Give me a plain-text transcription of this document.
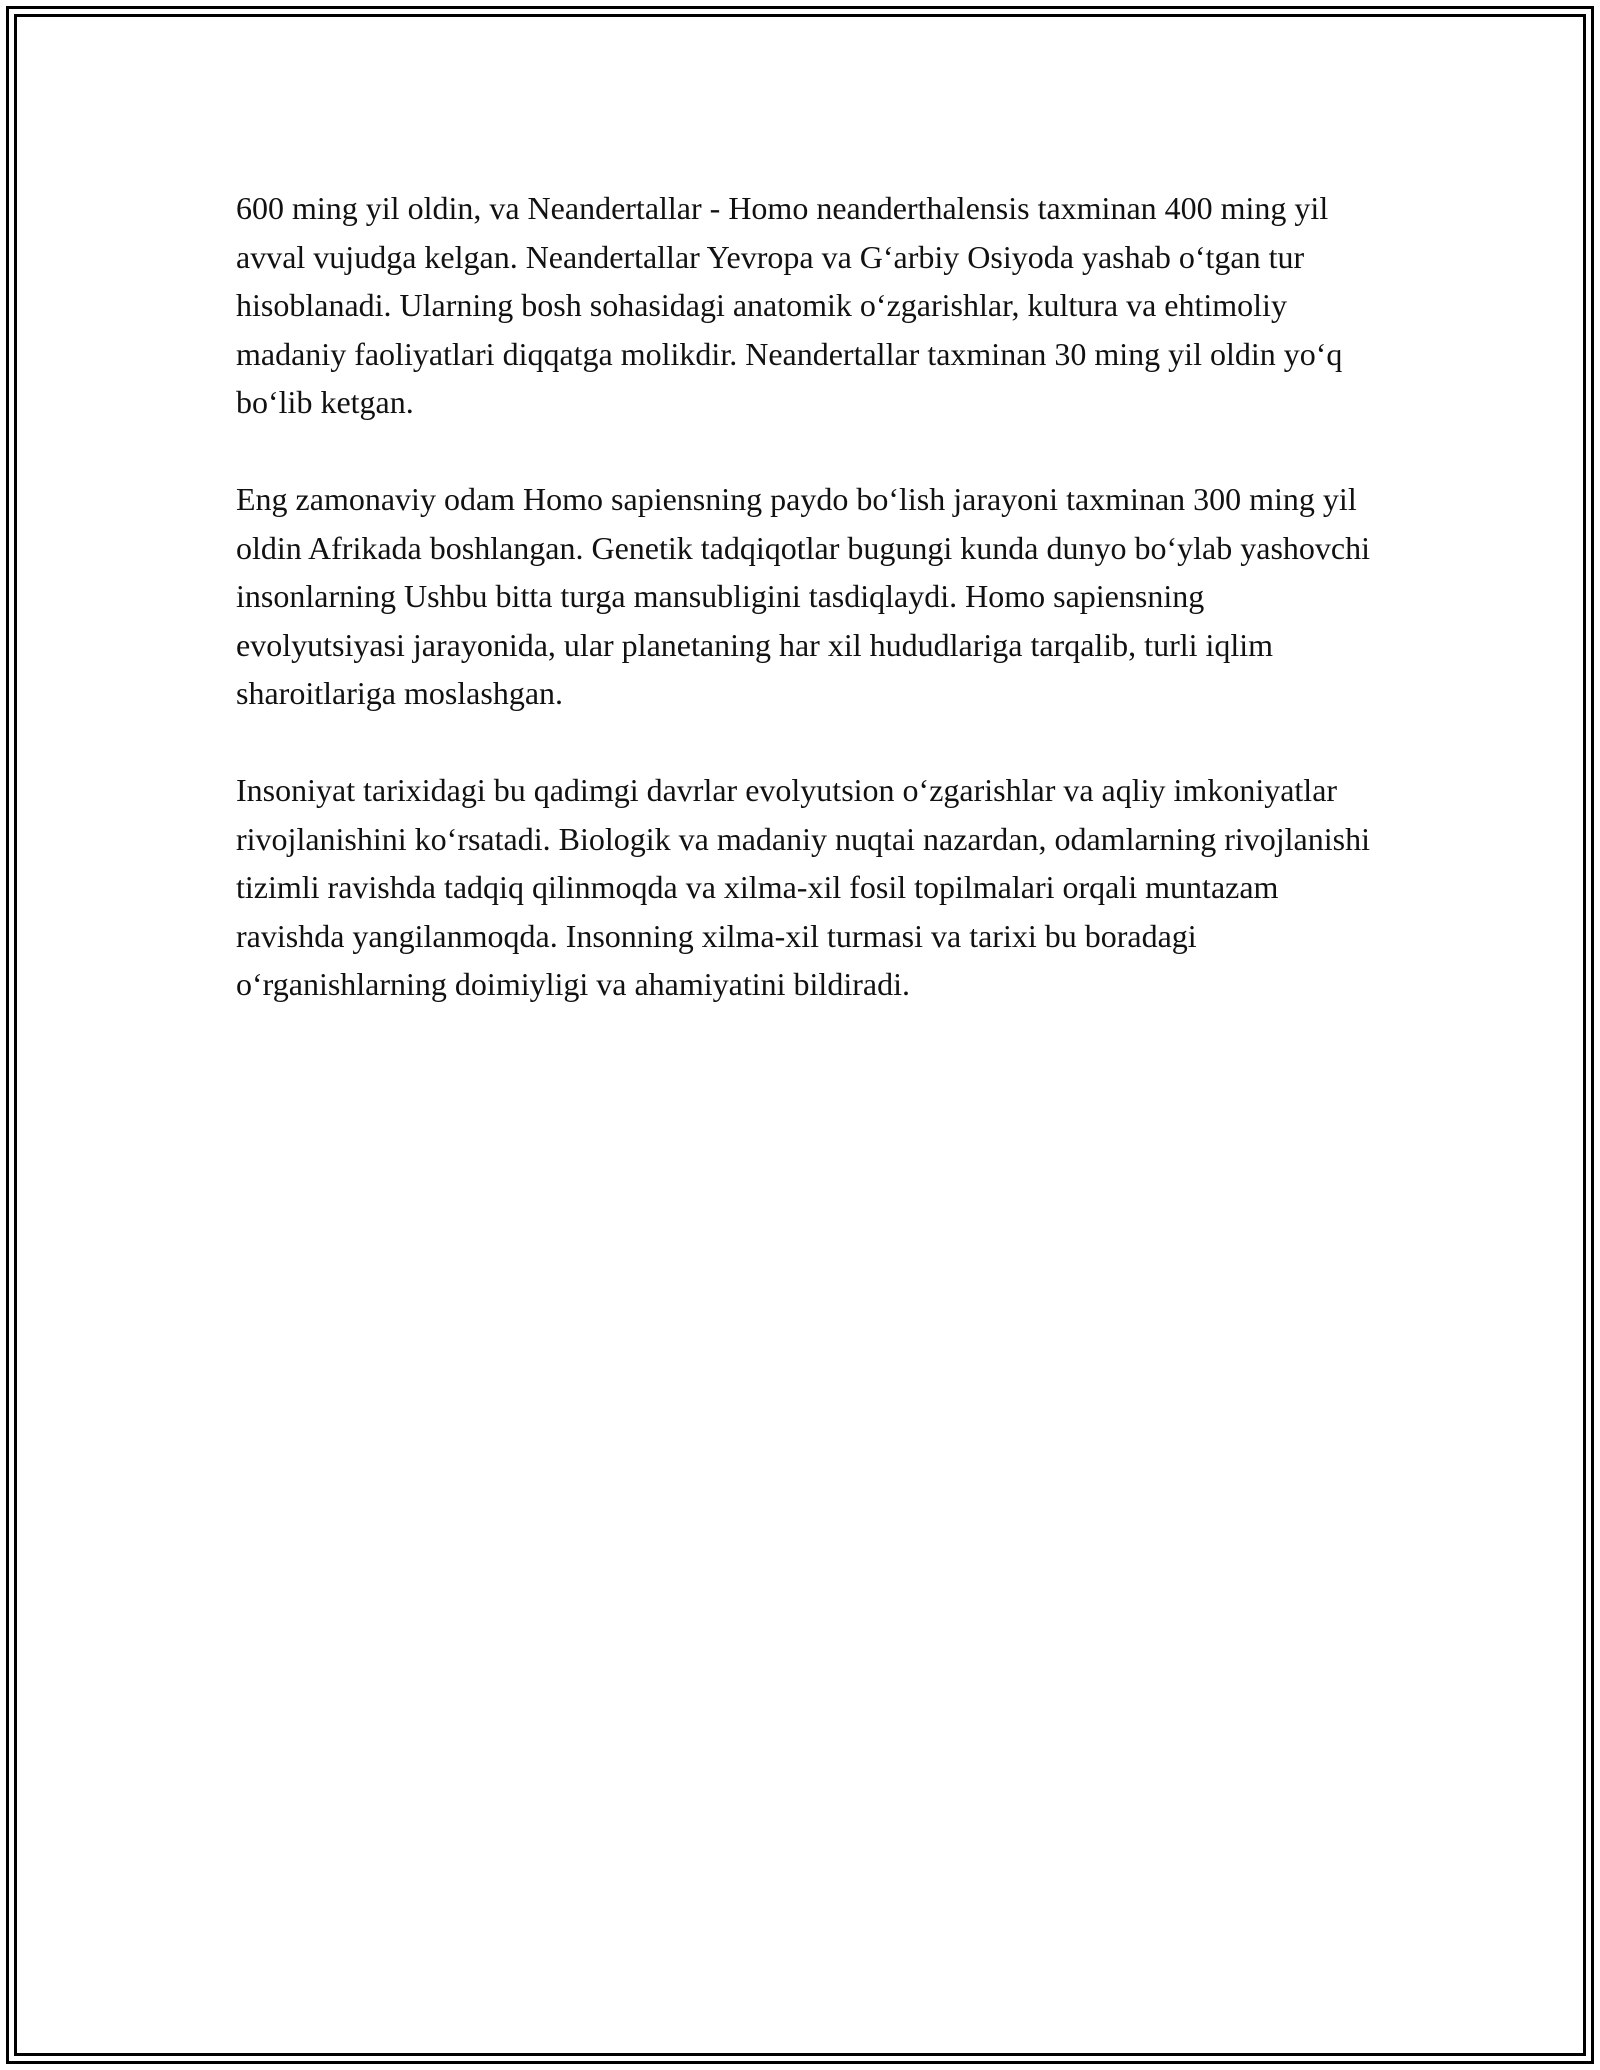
600 ming yil oldin, va Neandertallar - Homo neanderthalensis taxminan 400 ming yil avval vujudga kelgan. Neandertallar Yevropa va G‘arbiy Osiyoda yashab o‘tgan tur hisoblanadi. Ularning bosh sohasidagi anatomik o‘zgarishlar, kultura va ehtimoliy madaniy faoliyatlari diqqatga molikdir. Neandertallar taxminan 30 ming yil oldin yo‘q bo‘lib ketgan.

Eng zamonaviy odam Homo sapiensning paydo bo‘lish jarayoni taxminan 300 ming yil oldin Afrikada boshlangan. Genetik tadqiqotlar bugungi kunda dunyo bo‘ylab yashovchi insonlarning Ushbu bitta turga mansubligini tasdiqlaydi. Homo sapiensning evolyutsiyasi jarayonida, ular planetaning har xil hududlariga tarqalib, turli iqlim sharoitlariga moslashgan.

Insoniyat tarixidagi bu qadimgi davrlar evolyutsion o‘zgarishlar va aqliy imkoniyatlar rivojlanishini ko‘rsatadi. Biologik va madaniy nuqtai nazardan, odamlarning rivojlanishi tizimli ravishda tadqiq qilinmoqda va xilma-xil fosil topilmalari orqali muntazam ravishda yangilanmoqda. Insonning xilma-xil turmasi va tarixi bu boradagi o‘rganishlarning doimiyligi va ahamiyatini bildiradi.
